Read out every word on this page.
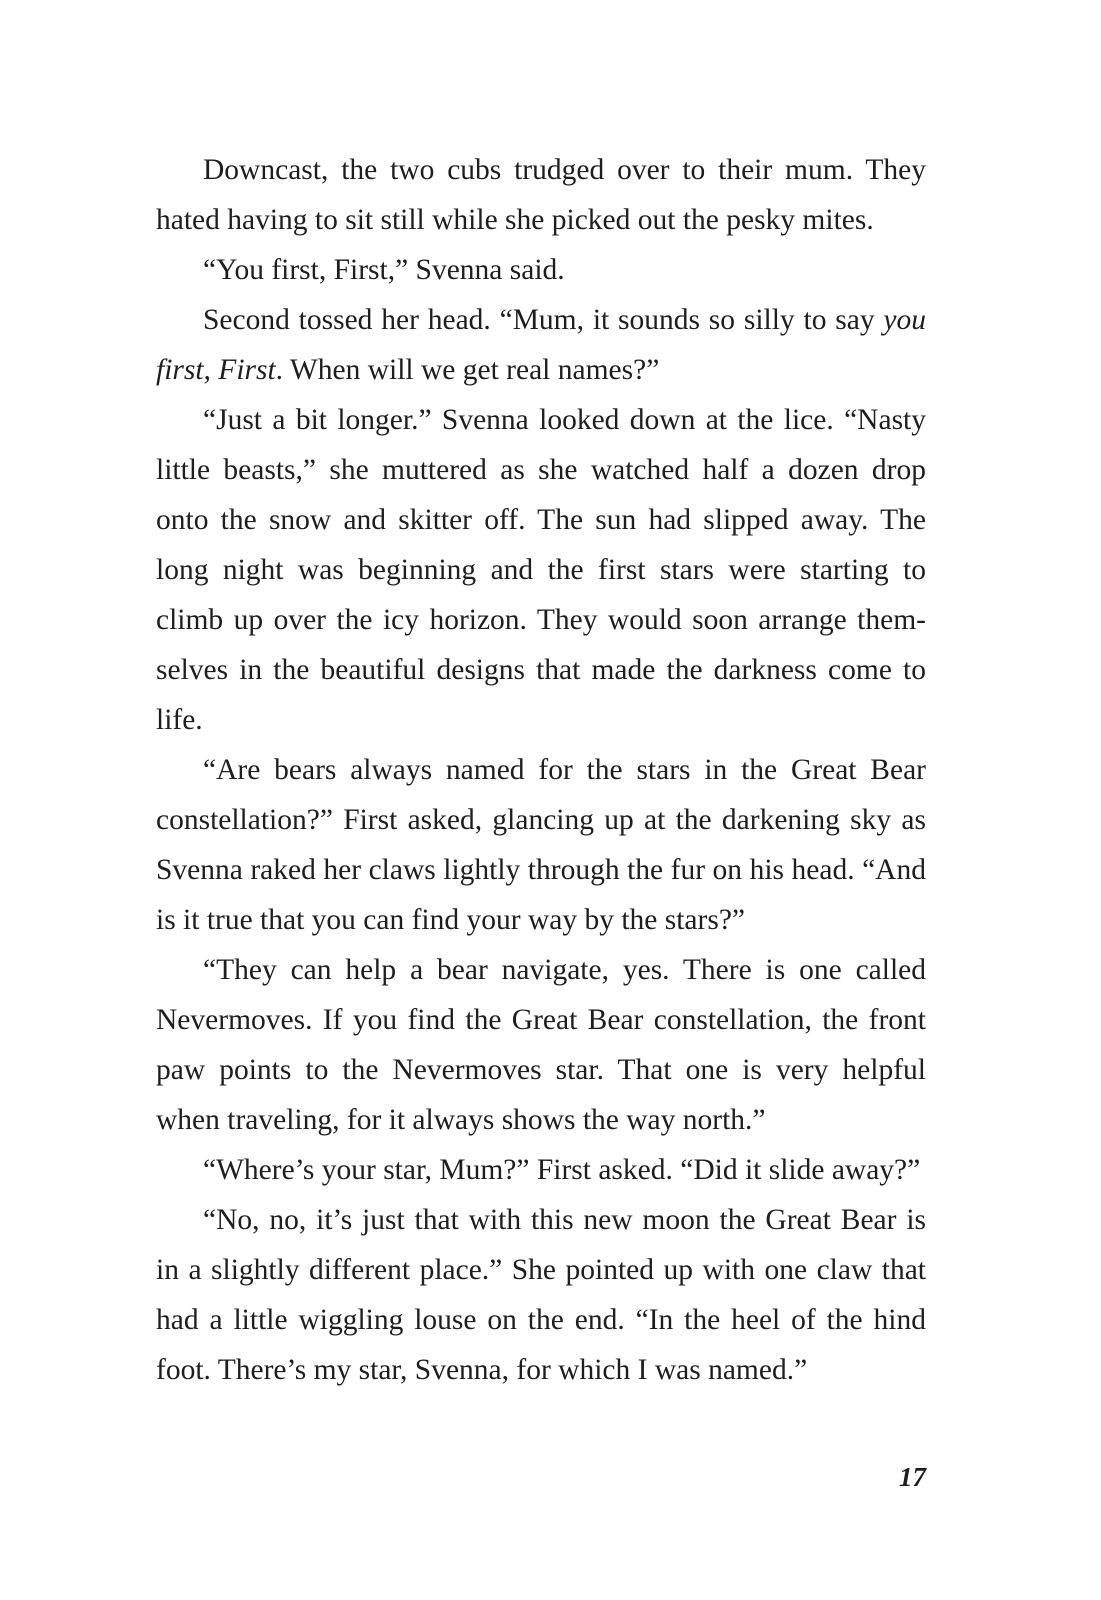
Downcast, the two cubs trudged over to their mum. They hated having to sit still while she picked out the pesky mites.

“You first, First,” Svenna said.

Second tossed her head. “Mum, it sounds so silly to say you first, First. When will we get real names?”

“Just a bit longer.” Svenna looked down at the lice. “Nasty little beasts,” she muttered as she watched half a dozen drop onto the snow and skitter off. The sun had slipped away. The long night was beginning and the first stars were starting to climb up over the icy horizon. They would soon arrange them-selves in the beautiful designs that made the darkness come to life.

“Are bears always named for the stars in the Great Bear constellation?” First asked, glancing up at the darkening sky as Svenna raked her claws lightly through the fur on his head. “And is it true that you can find your way by the stars?”

“They can help a bear navigate, yes. There is one called Nevermoves. If you find the Great Bear constellation, the front paw points to the Nevermoves star. That one is very helpful when traveling, for it always shows the way north.”

“Where’s your star, Mum?” First asked. “Did it slide away?”

“No, no, it’s just that with this new moon the Great Bear is in a slightly different place.” She pointed up with one claw that had a little wiggling louse on the end. “In the heel of the hind foot. There’s my star, Svenna, for which I was named.”

17
